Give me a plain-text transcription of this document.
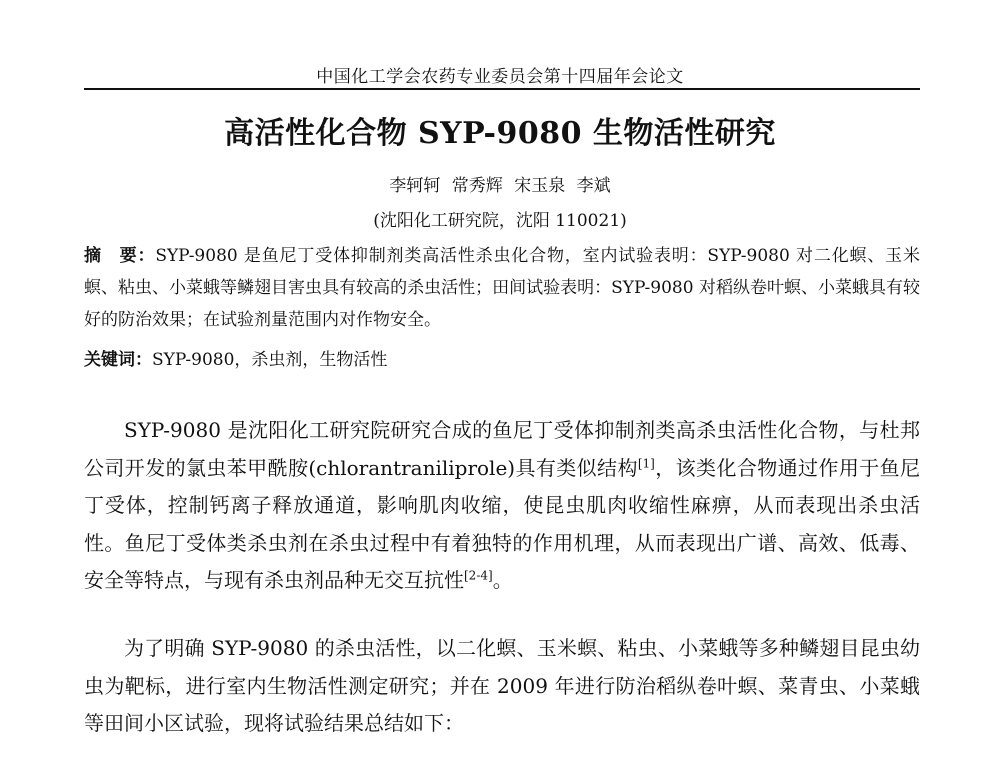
中国化工学会农药专业委员会第十四届年会论文
高活性化合物 SYP-9080 生物活性研究
李轲轲 常秀辉 宋玉泉 李斌
(沈阳化工研究院，沈阳 110021)
摘　要：SYP-9080 是鱼尼丁受体抑制剂类高活性杀虫化合物，室内试验表明：SYP-9080 对二化螟、玉米螟、粘虫、小菜蛾等鳞翅目害虫具有较高的杀虫活性；田间试验表明：SYP-9080 对稻纵卷叶螟、小菜蛾具有较好的防治效果；在试验剂量范围内对作物安全。
关键词：SYP-9080，杀虫剂，生物活性
SYP-9080 是沈阳化工研究院研究合成的鱼尼丁受体抑制剂类高杀虫活性化合物，与杜邦公司开发的氯虫苯甲酰胺(chlorantraniliprole)具有类似结构[1]，该类化合物通过作用于鱼尼丁受体，控制钙离子释放通道，影响肌肉收缩，使昆虫肌肉收缩性麻痹，从而表现出杀虫活性。鱼尼丁受体类杀虫剂在杀虫过程中有着独特的作用机理，从而表现出广谱、高效、低毒、安全等特点，与现有杀虫剂品种无交互抗性[2-4]。
为了明确 SYP-9080 的杀虫活性，以二化螟、玉米螟、粘虫、小菜蛾等多种鳞翅目昆虫幼虫为靶标，进行室内生物活性测定研究；并在 2009 年进行防治稻纵卷叶螟、菜青虫、小菜蛾等田间小区试验，现将试验结果总结如下：
